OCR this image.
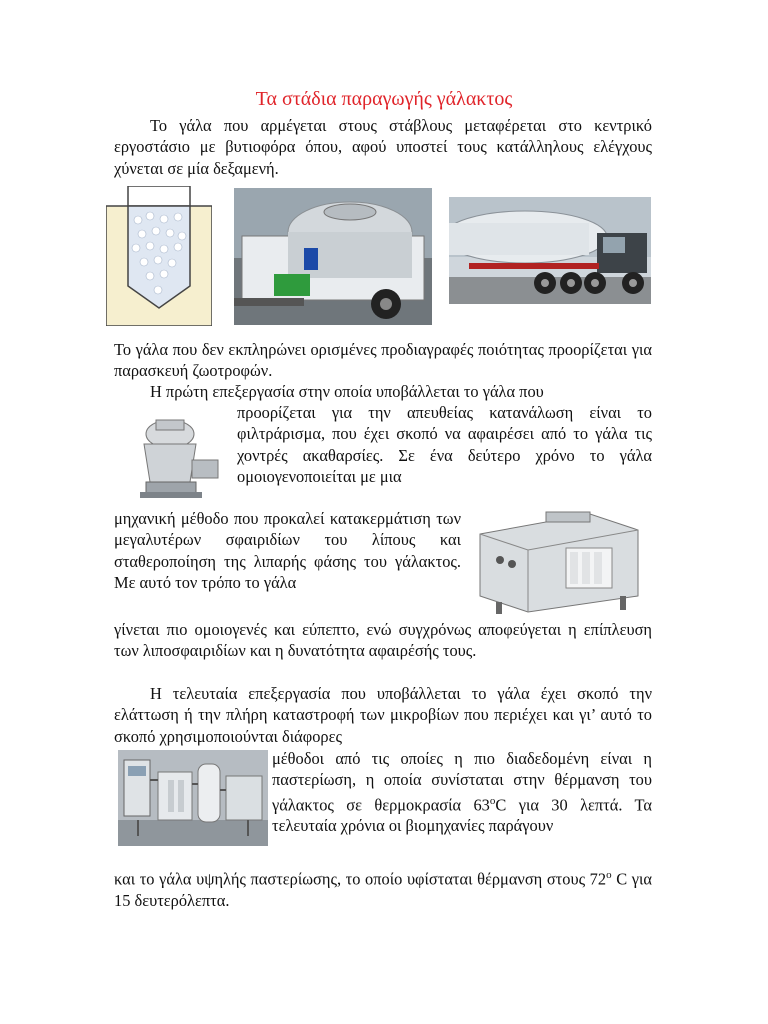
Τα στάδια παραγωγής γάλακτος

Το γάλα που αρμέγεται στους στάβλους μεταφέρεται στο κεντρικό εργοστάσιο με βυτιοφόρα όπου, αφού υποστεί τους κατάλληλους ελέγχους χύνεται σε μία δεξαμενή.

Το γάλα που δεν εκπληρώνει ορισμένες προδιαγραφές ποιότητας προορίζεται για παρασκευή ζωοτροφών.

Η πρώτη επεξεργασία στην οποία υποβάλλεται το γάλα που

προορίζεται για την απευθείας κατανάλωση είναι το φιλτράρισμα, που έχει σκοπό να αφαιρέσει από το γάλα τις χοντρές ακαθαρσίες. Σε ένα δεύτερο χρόνο το γάλα ομοιογενοποιείται με μια

μηχανική μέθοδο που προκαλεί κατακερμάτιση των μεγαλυτέρων σφαιριδίων του λίπους και σταθεροποίηση της λιπαρής φάσης του γάλακτος. Με αυτό τον τρόπο το γάλα

γίνεται πιο ομοιογενές και εύπεπτο, ενώ συγχρόνως αποφεύγεται η επίπλευση των λιποσφαιριδίων και η δυνατότητα αφαιρέσής τους.

Η τελευταία επεξεργασία που υποβάλλεται το γάλα έχει σκοπό την ελάττωση ή την πλήρη καταστροφή των μικροβίων που περιέχει και γι’ αυτό το σκοπό χρησιμοποιούνται διάφορες

μέθοδοι από τις οποίες η πιο διαδεδομένη είναι η παστερίωση, η οποία συνίσταται στην θέρμανση του γάλακτος σε θερμοκρασία $63^oC$ για 30 λεπτά. Τα τελευταία χρόνια οι βιομηχανίες παράγουν

και το γάλα υψηλής παστερίωσης, το οποίο υφίσταται θέρμανση στους $72^o$ C για 15 δευτερόλεπτα.
